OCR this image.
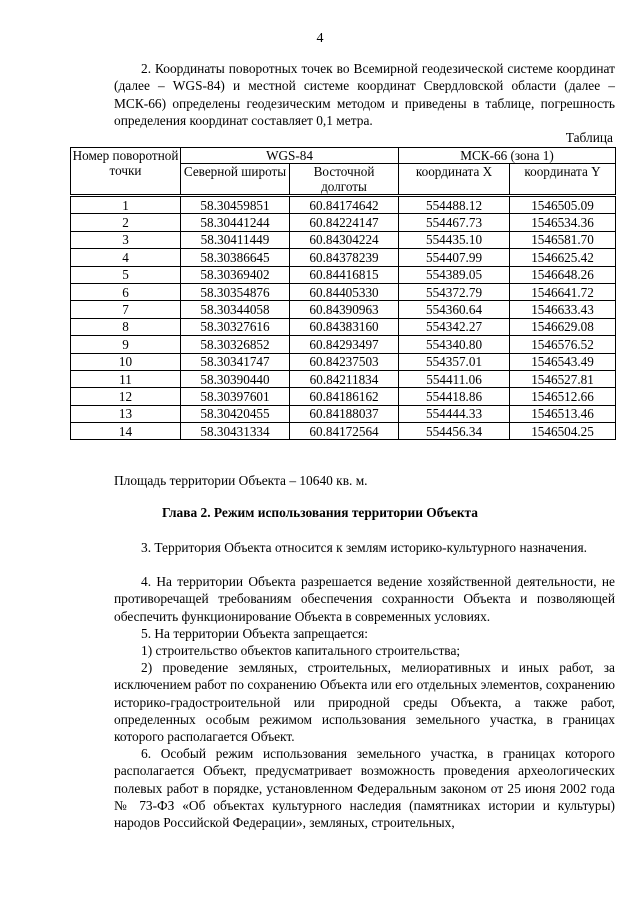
4

2. Координаты поворотных точек во Всемирной геодезической системе координат (далее – WGS-84) и местной системе координат Свердловской области (далее – МСК-66) определены геодезическим методом и приведены в таблице, погрешность определения координат составляет 0,1 метра.

Таблица
Номер поворотной точки	WGS-84		МСК-66 (зона 1)	
	Северной широты	Восточной долготы	координата X	координата Y
1	58.30459851	60.84174642	554488.12	1546505.09
2	58.30441244	60.84224147	554467.73	1546534.36
3	58.30411449	60.84304224	554435.10	1546581.70
4	58.30386645	60.84378239	554407.99	1546625.42
5	58.30369402	60.84416815	554389.05	1546648.26
6	58.30354876	60.84405330	554372.79	1546641.72
7	58.30344058	60.84390963	554360.64	1546633.43
8	58.30327616	60.84383160	554342.27	1546629.08
9	58.30326852	60.84293497	554340.80	1546576.52
10	58.30341747	60.84237503	554357.01	1546543.49
11	58.30390440	60.84211834	554411.06	1546527.81
12	58.30397601	60.84186162	554418.86	1546512.66
13	58.30420455	60.84188037	554444.33	1546513.46
14	58.30431334	60.84172564	554456.34	1546504.25

Площадь территории Объекта – 10640 кв. м.

Глава 2. Режим использования территории Объекта

3. Территория Объекта относится к землям историко-культурного назначения.

4. На территории Объекта разрешается ведение хозяйственной деятельности, не противоречащей требованиям обеспечения сохранности Объекта и позволяющей обеспечить функционирование Объекта в современных условиях.

5. На территории Объекта запрещается:

1) строительство объектов капитального строительства;

2) проведение земляных, строительных, мелиоративных и иных работ, за исключением работ по сохранению Объекта или его отдельных элементов, сохранению историко-градостроительной или природной среды Объекта, а также работ, определенных особым режимом использования земельного участка, в границах которого располагается Объект.

6. Особый режим использования земельного участка, в границах которого располагается Объект, предусматривает возможность проведения археологических полевых работ в порядке, установленном Федеральным законом от 25 июня 2002 года № 73-ФЗ «Об объектах культурного наследия (памятниках истории и культуры) народов Российской Федерации», земляных, строительных,
